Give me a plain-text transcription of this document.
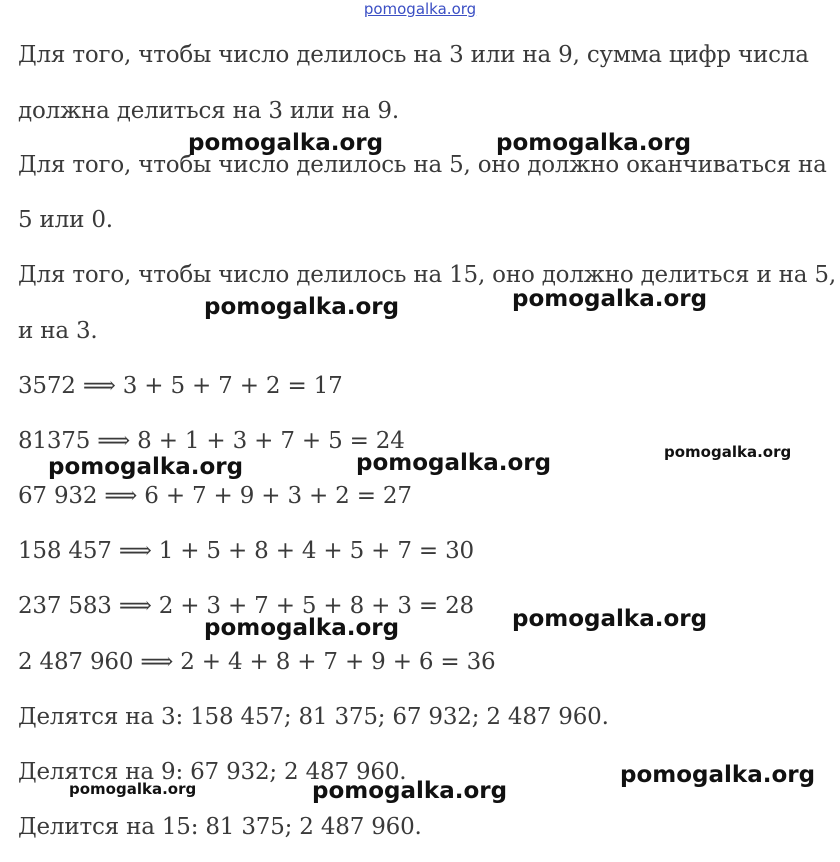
pomogalka.org
Для того, чтобы число делилось на 3 или на 9, сумма цифр числа
должна делиться на 3 или на 9.
Для того, чтобы число делилось на 5, оно должно оканчиваться на
5 или 0.
Для того, чтобы число делилось на 15, оно должно делиться и на 5,
и на 3.
3572 ⟹ 3 + 5 + 7 + 2 = 17
81375 ⟹ 8 + 1 + 3 + 7 + 5 = 24
67 932 ⟹ 6 + 7 + 9 + 3 + 2 = 27
158 457 ⟹ 1 + 5 + 8 + 4 + 5 + 7 = 30
237 583 ⟹ 2 + 3 + 7 + 5 + 8 + 3 = 28
2 487 960 ⟹ 2 + 4 + 8 + 7 + 9 + 6 = 36
Делятся на 3: 158 457; 81 375; 67 932; 2 487 960.
Делятся на 9: 67 932; 2 487 960.
Делится на 15: 81 375; 2 487 960.
pomogalka.org	pomogalka.org
pomogalka.org	pomogalka.org
pomogalka.org	pomogalka.org	pomogalka.org
pomogalka.org	pomogalka.org
pomogalka.org
pomogalka.org	pomogalka.org
